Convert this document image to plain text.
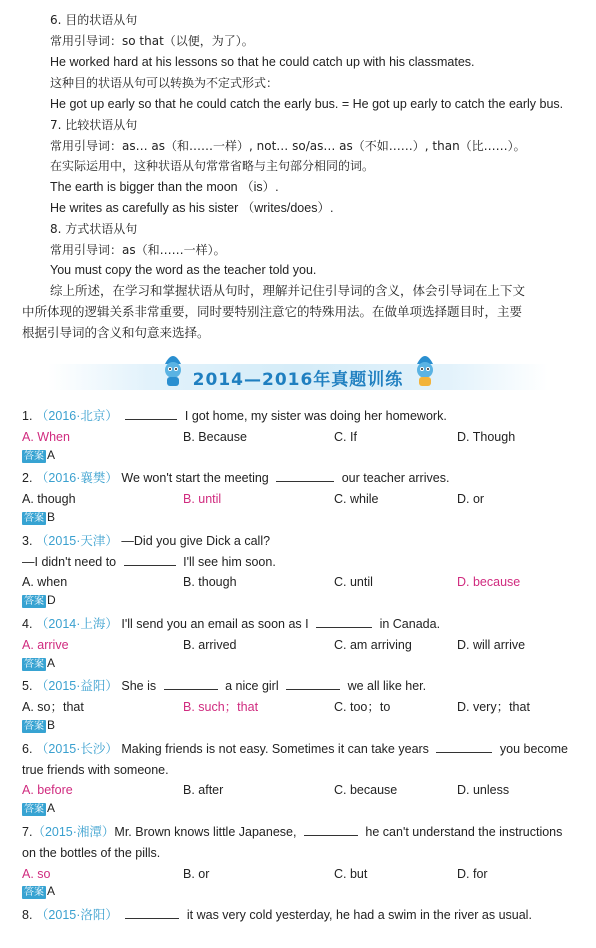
6. 目的状语从句
常用引导词：so that（以便，为了）。
He worked hard at his lessons so that he could catch up with his classmates.
这种目的状语从句可以转换为不定式形式：
He got up early so that he could catch the early bus. = He got up early to catch the early bus.
7. 比较状语从句
常用引导词：as… as（和……一样）, not… so/as… as（不如……）, than（比……）。
在实际运用中，这种状语从句常常省略与主句部分相同的词。
The earth is bigger than the moon （is）.
He writes as carefully as his sister （writes/does）.
8. 方式状语从句
常用引导词：as（和……一样）。
You must copy the word as the teacher told you.
综上所述，在学习和掌握状语从句时，理解并记住引导词的含义，体会引导词在上下文
中所体现的逻辑关系非常重要，同时要特别注意它的特殊用法。在做单项选择题目时，主要
根据引导词的含义和句意来选择。
2014—2016年真题训练
1. （2016·北京）	I got home, my sister was doing her homework.
A. When	B. Because	C. If	D. Though
答案 A
2. （2016·襄樊） We won't start the meeting	our teacher arrives.
A. though	B. until	C. while	D. or
答案 B
3. （2015·天津） —Did you give Dick a call?
—I didn't need to	I'll see him soon.
A. when	B. though	C. until	D. because
答案 D
4. （2014·上海） I'll send you an email as soon as I	in Canada.
A. arrive	B. arrived	C. am arriving	D. will arrive
答案 A
5. （2015·益阳） She is	a nice girl	we all like her.
A. so；that	B. such；that	C. too；to	D. very；that
答案 B
6. （2015·长沙） Making friends is not easy. Sometimes it can take years	you become
true friends with someone.
A. before	B. after	C. because	D. unless
答案 A
7.（2015·湘潭）Mr. Brown knows little Japanese,	he can't understand the instructions
on the bottles of the pills.
A. so	B. or	C. but	D. for
答案 A
8. （2015·洛阳）	it was very cold yesterday, he had a swim in the river as usual.
